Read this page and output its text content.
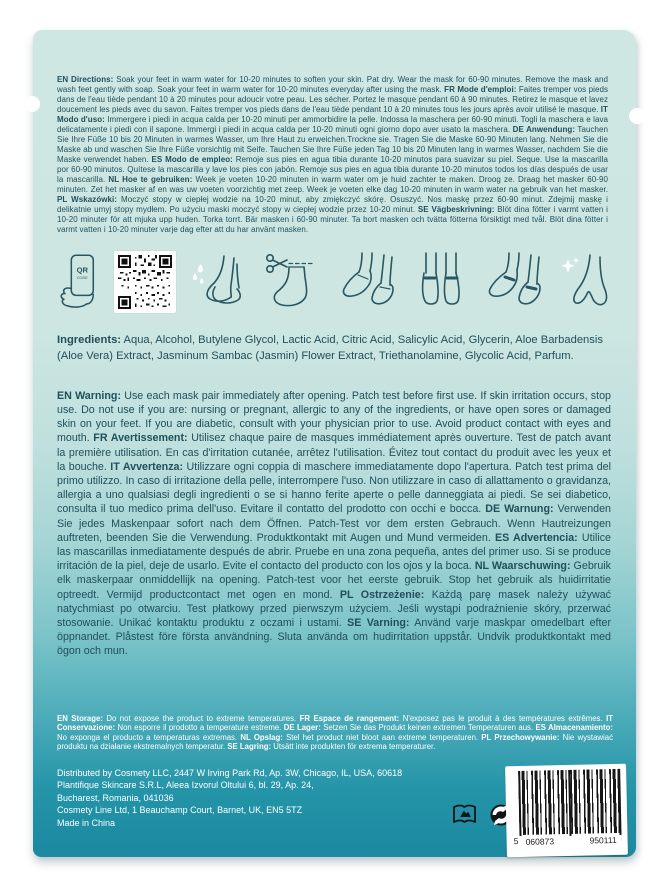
EN Directions: Soak your feet in warm water for 10-20 minutes to soften your skin. Pat dry. Wear the mask for 60-90 minutes. Remove the mask and wash feet gently with soap. Soak your feet in warm water for 10-20 minutes everyday after using the mask. FR Mode d'emploi: Faites tremper vos pieds dans de l'eau tiède pendant 10 à 20 minutes pour adoucir votre peau. Les sécher. Portez le masque pendant 60 à 90 minutes. Retirez le masque et lavez doucement les pieds avec du savon. Faites tremper vos pieds dans de l'eau tiède pendant 10 à 20 minutes tous les jours après avoir utilisé le masque. IT Modo d'uso: Immergere i piedi in acqua calda per 10-20 minuti per ammorbidire la pelle. Indossa la maschera per 60-90 minuti. Togli la maschera e lava delicatamente i piedi con il sapone. Immergi i piedi in acqua calda per 10-20 minuti ogni giorno dopo aver usato la maschera. DE Anwendung: Tauchen Sie Ihre Füße 10 bis 20 Minuten in warmes Wasser, um Ihre Haut zu erweichen.Trockne sie. Tragen Sie die Maske 60-90 Minuten lang. Nehmen Sie die Maske ab und waschen Sie Ihre Füße vorsichtig mit Seife. Tauchen Sie Ihre Füße jeden Tag 10 bis 20 Minuten lang in warmes Wasser, nachdem Sie die Maske verwendet haben. ES Modo de empleo: Remoje sus pies en agua tibia durante 10-20 minutos para suavizar su piel. Seque. Use la mascarilla por 60-90 minutos. Quítese la mascarilla y lave los pies con jabón. Remoje sus pies en agua tibia durante 10-20 minutos todos los días después de usar la mascarilla. NL Hoe te gebruiken: Week je voeten 10-20 minuten in warm water om je huid zachter te maken. Droog ze. Draag het masker 60-90 minuten. Zet het masker af en was uw voeten voorzichtig met zeep. Week je voeten elke dag 10-20 minuten in warm water na gebruik van het masker. PL Wskazówki: Moczyć stopy w ciepłej wodzie na 10-20 minut, aby zmiękczyć skórę. Osuszyć. Nos maskę przez 60-90 minut. Zdejmij maskę i delikatnie umyj stopy mydłem. Po użyciu maski moczyć stopy w ciepłej wodzie przez 10-20 minut. SE Vägbeskrivning: Blöt dina fötter i varmt vatten i 10-20 minuter för att mjuka upp huden. Torka torrt. Bär masken i 60-90 minuter. Ta bort masken och tvätta fötterna försiktigt med tvål. Blöt dina fötter i varmt vatten i 10-20 minuter varje dag efter att du har använt masken.

QR
CODE

Ingredients: Aqua, Alcohol, Butylene Glycol, Lactic Acid, Citric Acid, Salicylic Acid, Glycerin, Aloe Barbadensis (Aloe Vera) Extract, Jasminum Sambac (Jasmin) Flower Extract, Triethanolamine, Glycolic Acid, Parfum.

EN Warning: Use each mask pair immediately after opening. Patch test before first use. If skin irritation occurs, stop use. Do not use if you are: nursing or pregnant, allergic to any of the ingredients, or have open sores or damaged skin on your feet. If you are diabetic, consult with your physician prior to use. Avoid product contact with eyes and mouth. FR Avertissement: Utilisez chaque paire de masques immédiatement après ouverture. Test de patch avant la première utilisation. En cas d'irritation cutanée, arrêtez l'utilisation. Évitez tout contact du produit avec les yeux et la bouche. IT Avvertenza: Utilizzare ogni coppia di maschere immediatamente dopo l'apertura. Patch test prima del primo utilizzo. In caso di irritazione della pelle, interrompere l'uso. Non utilizzare in caso di allattamento o gravidanza, allergia a uno qualsiasi degli ingredienti o se si hanno ferite aperte o pelle danneggiata ai piedi. Se sei diabetico, consulta il tuo medico prima dell'uso. Evitare il contatto del prodotto con occhi e bocca. DE Warnung: Verwenden Sie jedes Maskenpaar sofort nach dem Öffnen. Patch-Test vor dem ersten Gebrauch. Wenn Hautreizungen auftreten, beenden Sie die Verwendung. Produktkontakt mit Augen und Mund vermeiden. ES Advertencia: Utilice las mascarillas inmediatamente después de abrir. Pruebe en una zona pequeña, antes del primer uso. Si se produce irritación de la piel, deje de usarlo. Evite el contacto del producto con los ojos y la boca. NL Waarschuwing: Gebruik elk maskerpaar onmiddellijk na opening. Patch-test voor het eerste gebruik. Stop het gebruik als huidirritatie optreedt. Vermijd productcontact met ogen en mond. PL Ostrzeżenie: Każdą parę masek należy używać natychmiast po otwarciu. Test płatkowy przed pierwszym użyciem. Jeśli wystąpi podrażnienie skóry, przerwać stosowanie. Unikać kontaktu produktu z oczami i ustami. SE Varning: Använd varje maskpar omedelbart efter öppnandet. Plåstest före första användning. Sluta använda om hudirritation uppstår. Undvik produktkontakt med ögon och mun.

EN Storage: Do not expose the product to extreme temperatures. FR Espace de rangement: N'exposez pas le produit à des températures extrêmes. IT Conservazione: Non esporre il prodotto a temperature estreme. DE Lager: Setzen Sie das Produkt keinen extremen Temperaturen aus. ES Almacenamiento: No exponga el producto a temperaturas extremas. NL Opslag: Stel het product niet bloot aan extreme temperaturen. PL Przechowywanie: Nie wystawiać produktu na działanie ekstremalnych temperatur. SE Lagring: Utsätt inte produkten för extrema temperaturer.

Distributed by Cosmety LLC, 2447 W Irving Park Rd, Ap. 3W, Chicago, IL, USA, 60618
Plantifique Skincare S.R.L, Aleea Izvorul Oltului 6, bl. 29, Ap. 24,
Bucharest, Romania, 041036
Cosmety Line Ltd, 1 Beauchamp Court, Barnet, UK, EN5 5TZ
Made in China
5 060873	950111
